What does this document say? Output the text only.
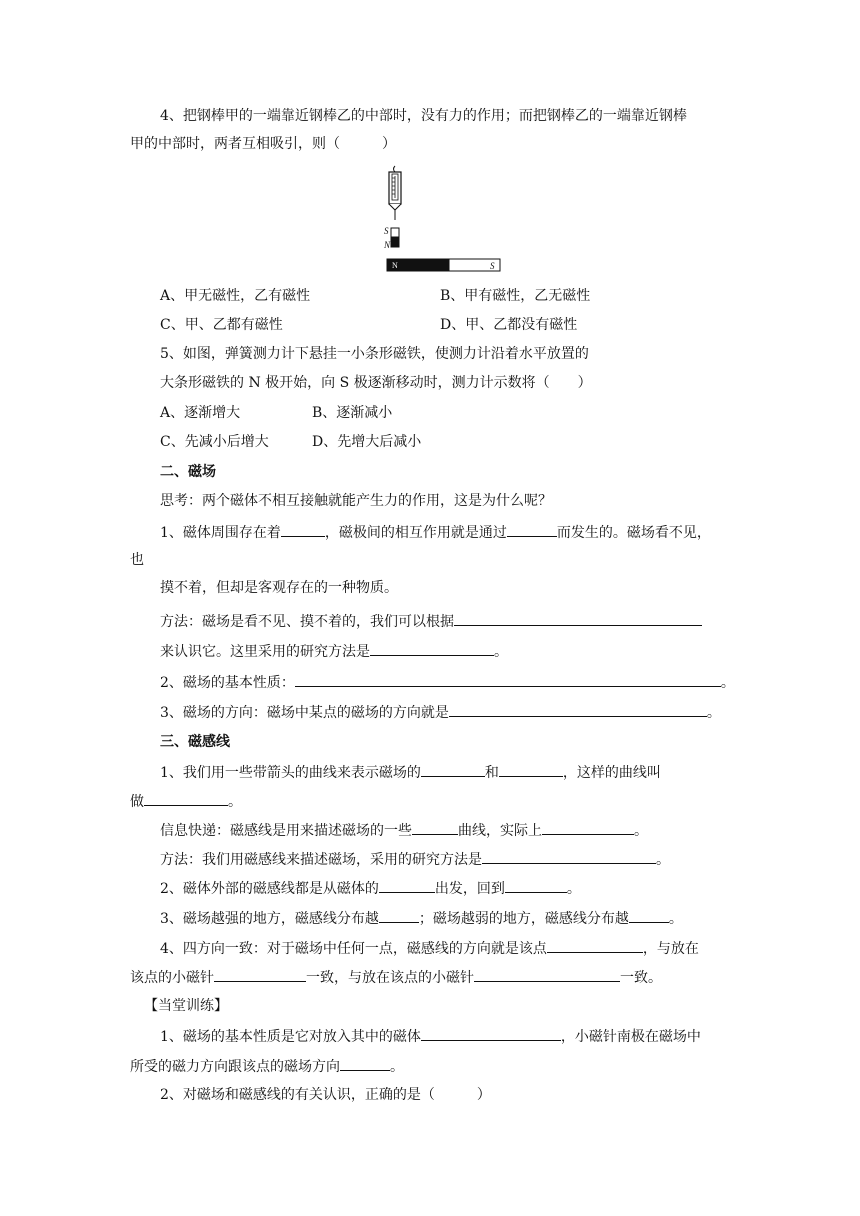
4、把钢棒甲的一端靠近钢棒乙的中部时，没有力的作用；而把钢棒乙的一端靠近钢棒
甲的中部时，两者互相吸引，则（　　　）
S
N
N	S
A、甲无磁性，乙有磁性	B、甲有磁性，乙无磁性
C、甲、乙都有磁性	D、甲、乙都没有磁性
5、如图，弹簧测力计下悬挂一小条形磁铁，使测力计沿着水平放置的
大条形磁铁的 N 极开始，向 S 极逐渐移动时，测力计示数将（　　）
A、逐渐增大	B、逐渐减小
C、先减小后增大	D、先增大后减小
二、磁场
思考：两个磁体不相互接触就能产生力的作用，这是为什么呢？
1、磁体周围存在着	，磁极间的相互作用就是通过	而发生的。磁场看不见，
也
摸不着，但却是客观存在的一种物质。
方法：磁场是看不见、摸不着的，我们可以根据
来认识它。这里采用的研究方法是	。
2、磁场的基本性质：	。
3、磁场的方向：磁场中某点的磁场的方向就是	。
三、磁感线
1、我们用一些带箭头的曲线来表示磁场的	和	，这样的曲线叫
做	。
信息快递：磁感线是用来描述磁场的一些	曲线，实际上	。
方法：我们用磁感线来描述磁场，采用的研究方法是	。
2、磁体外部的磁感线都是从磁体的	出发，回到	。
3、磁场越强的地方，磁感线分布越	；磁场越弱的地方，磁感线分布越	。
4、四方向一致：对于磁场中任何一点，磁感线的方向就是该点	，与放在
该点的小磁针	一致，与放在该点的小磁针	一致。
【当堂训练】
1、磁场的基本性质是它对放入其中的磁体	，小磁针南极在磁场中
所受的磁力方向跟该点的磁场方向	。
2、对磁场和磁感线的有关认识，正确的是（　　　）
